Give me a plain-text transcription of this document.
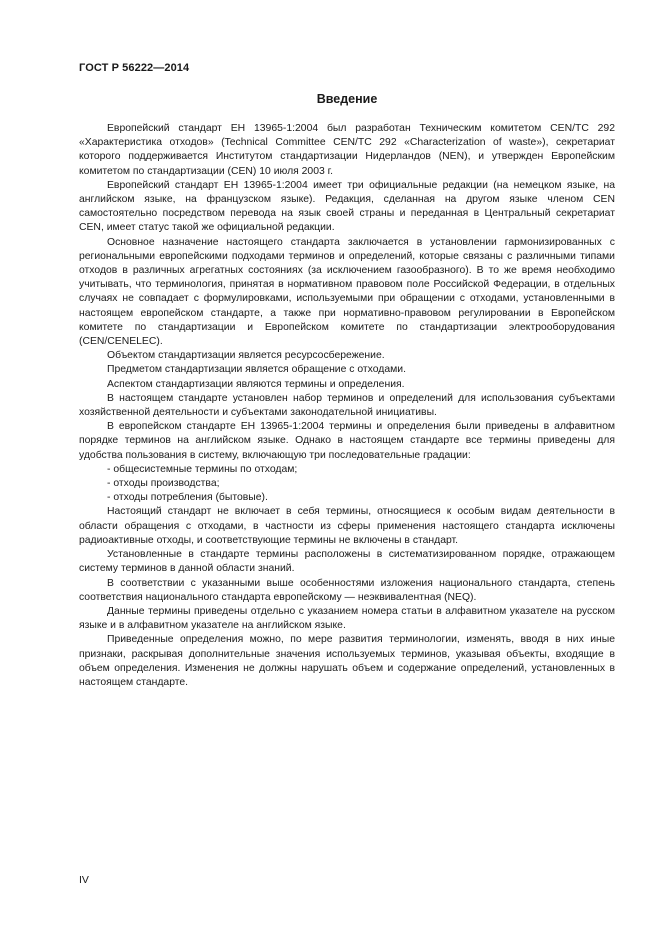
ГОСТ Р 56222—2014
Введение

Европейский стандарт ЕН 13965-1:2004 был разработан Техническим комитетом CEN/TC 292 «Характеристика отходов» (Technical Committee CEN/TC 292 «Characterization of waste»), секретариат которого поддерживается Институтом стандартизации Нидерландов (NEN), и утвержден Европейским комитетом по стандартизации (CEN) 10 июля 2003 г.

Европейский стандарт ЕН 13965-1:2004 имеет три официальные редакции (на немецком языке, на английском языке, на французском языке). Редакция, сделанная на другом языке членом CEN самостоятельно посредством перевода на язык своей страны и переданная в Центральный секретариат CEN, имеет статус такой же официальной редакции.

Основное назначение настоящего стандарта заключается в установлении гармонизированных с региональными европейскими подходами терминов и определений, которые связаны с различными типами отходов в различных агрегатных состояниях (за исключением газообразного). В то же время необходимо учитывать, что терминология, принятая в нормативном правовом поле Российской Федерации, в отдельных случаях не совпадает с формулировками, используемыми при обращении с отходами, установленными в настоящем европейском стандарте, а также при нормативно-правовом регулировании в Европейском комитете по стандартизации и Европейском комитете по стандартизации электрооборудования (CEN/CENELEC).

Объектом стандартизации является ресурсосбережение.

Предметом стандартизации является обращение с отходами.

Аспектом стандартизации являются термины и определения.

В настоящем стандарте установлен набор терминов и определений для использования субъектами хозяйственной деятельности и субъектами законодательной инициативы.

В европейском стандарте ЕН 13965-1:2004 термины и определения были приведены в алфавитном порядке терминов на английском языке. Однако в настоящем стандарте все термины приведены для удобства пользования в систему, включающую три последовательные градации:

- общесистемные термины по отходам;

- отходы производства;

- отходы потребления (бытовые).

Настоящий стандарт не включает в себя термины, относящиеся к особым видам деятельности в области обращения с отходами, в частности из сферы применения настоящего стандарта исключены радиоактивные отходы, и соответствующие термины не включены в стандарт.

Установленные в стандарте термины расположены в систематизированном порядке, отражающем систему терминов в данной области знаний.

В соответствии с указанными выше особенностями изложения национального стандарта, степень соответствия национального стандарта европейскому — неэквивалентная (NEQ).

Данные термины приведены отдельно с указанием номера статьи в алфавитном указателе на русском языке и в алфавитном указателе на английском языке.

Приведенные определения можно, по мере развития терминологии, изменять, вводя в них иные признаки, раскрывая дополнительные значения используемых терминов, указывая объекты, входящие в объем определения. Изменения не должны нарушать объем и содержание определений, установленных в настоящем стандарте.

IV
